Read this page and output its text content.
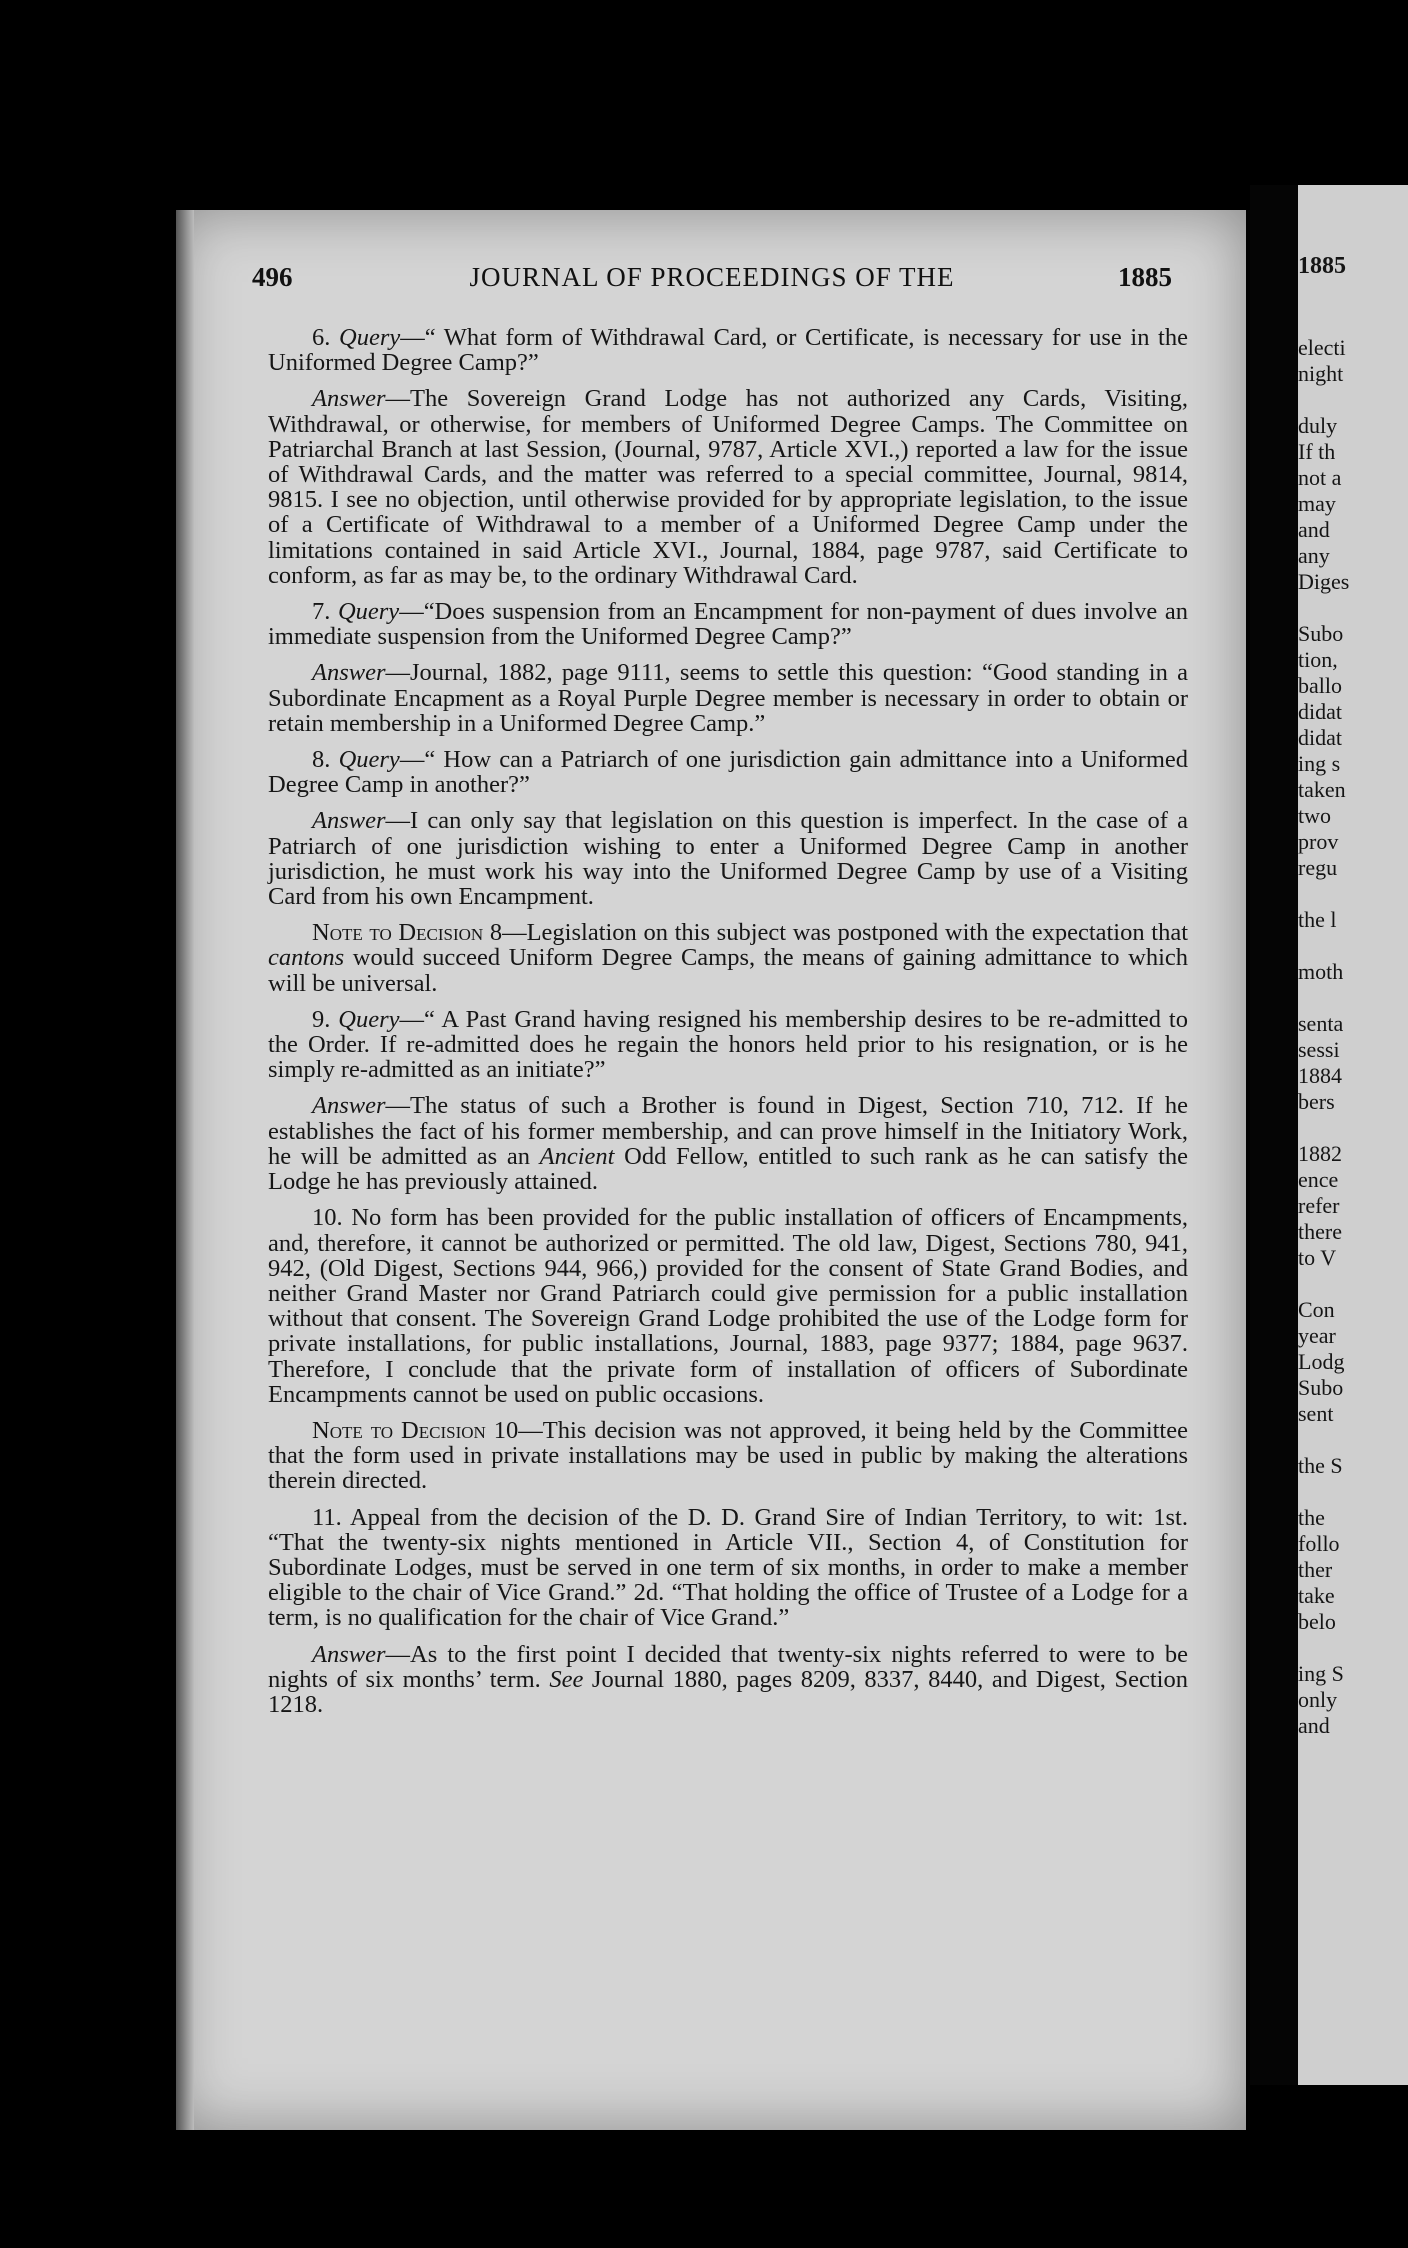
496	JOURNAL OF PROCEEDINGS OF THE	1885

6. Query—“ What form of Withdrawal Card, or Certificate, is necessary for use in the Uniformed Degree Camp?”

Answer—The Sovereign Grand Lodge has not authorized any Cards, Visiting, Withdrawal, or otherwise, for members of Uniformed Degree Camps. The Committee on Patriarchal Branch at last Session, (Journal, 9787, Article XVI.,) reported a law for the issue of Withdrawal Cards, and the matter was referred to a special committee, Journal, 9814, 9815. I see no objection, until otherwise provided for by appropriate legislation, to the issue of a Certificate of Withdrawal to a member of a Uniformed Degree Camp under the limitations contained in said Article XVI., Journal, 1884, page 9787, said Certificate to conform, as far as may be, to the ordinary Withdrawal Card.

7. Query—“Does suspension from an Encampment for non-payment of dues involve an immediate suspension from the Uniformed Degree Camp?”

Answer—Journal, 1882, page 9111, seems to settle this question: “Good standing in a Subordinate Encapment as a Royal Purple Degree member is necessary in order to obtain or retain membership in a Uniformed Degree Camp.”

8. Query—“ How can a Patriarch of one jurisdiction gain admittance into a Uniformed Degree Camp in another?”

Answer—I can only say that legislation on this question is imperfect. In the case of a Patriarch of one jurisdiction wishing to enter a Uniformed Degree Camp in another jurisdiction, he must work his way into the Uniformed Degree Camp by use of a Visiting Card from his own Encampment.

Note to Decision 8—Legislation on this subject was postponed with the expectation that cantons would succeed Uniform Degree Camps, the means of gaining admittance to which will be universal.

9. Query—“ A Past Grand having resigned his membership desires to be re-admitted to the Order. If re-admitted does he regain the honors held prior to his resignation, or is he simply re-admitted as an initiate?”

Answer—The status of such a Brother is found in Digest, Section 710, 712. If he establishes the fact of his former membership, and can prove himself in the Initiatory Work, he will be admitted as an Ancient Odd Fellow, entitled to such rank as he can satisfy the Lodge he has previously attained.

10. No form has been provided for the public installation of officers of Encampments, and, therefore, it cannot be authorized or permitted. The old law, Digest, Sections 780, 941, 942, (Old Digest, Sections 944, 966,) provided for the consent of State Grand Bodies, and neither Grand Master nor Grand Patriarch could give permission for a public installation without that consent. The Sovereign Grand Lodge prohibited the use of the Lodge form for private installations, for public installations, Journal, 1883, page 9377; 1884, page 9637. Therefore, I conclude that the private form of installation of officers of Subordinate Encampments cannot be used on public occasions.

Note to Decision 10—This decision was not approved, it being held by the Committee that the form used in private installations may be used in public by making the alterations therein directed.

11. Appeal from the decision of the D. D. Grand Sire of Indian Territory, to wit: 1st. “That the twenty-six nights mentioned in Article VII., Section 4, of Constitution for Subordinate Lodges, must be served in one term of six months, in order to make a member eligible to the chair of Vice Grand.” 2d. “That holding the office of Trustee of a Lodge for a term, is no qualification for the chair of Vice Grand.”

Answer—As to the first point I decided that twenty-six nights referred to were to be nights of six months’ term. See Journal 1880, pages 8209, 8337, 8440, and Digest, Section 1218.

1885
electi
night
duly
If th
not a
may
and
any
Diges
Subo
tion,
ballo
didat
didat
ing s
taken
two
prov
regu
the l
moth
senta
sessi
1884
bers
1882
ence
refer
there
to V
Con
year
Lodg
Subo
sent
the S
the
follo
ther
take
belo
ing S
only
and
